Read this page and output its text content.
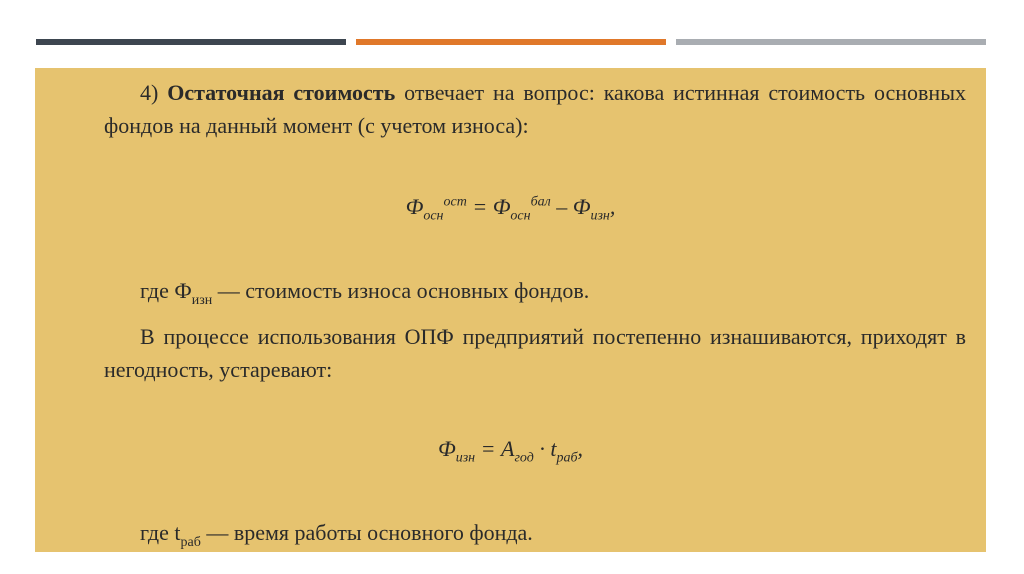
4) Остаточная стоимость отвечает на вопрос: какова истинная стоимость основных фондов на данный момент (с учетом износа):

$Ф_{осн}^{ост} = Ф_{осн}^{бал} - Ф_{изн}$,

где $Ф_{изн}$ — стоимость износа основных фондов.

В процессе использования ОПФ предприятий постепенно изнашиваются, приходят в негодность, устаревают:

$Ф_{изн} = А_{год} \cdot t_{раб}$,

где $t_{раб}$ — время работы основного фонда.
